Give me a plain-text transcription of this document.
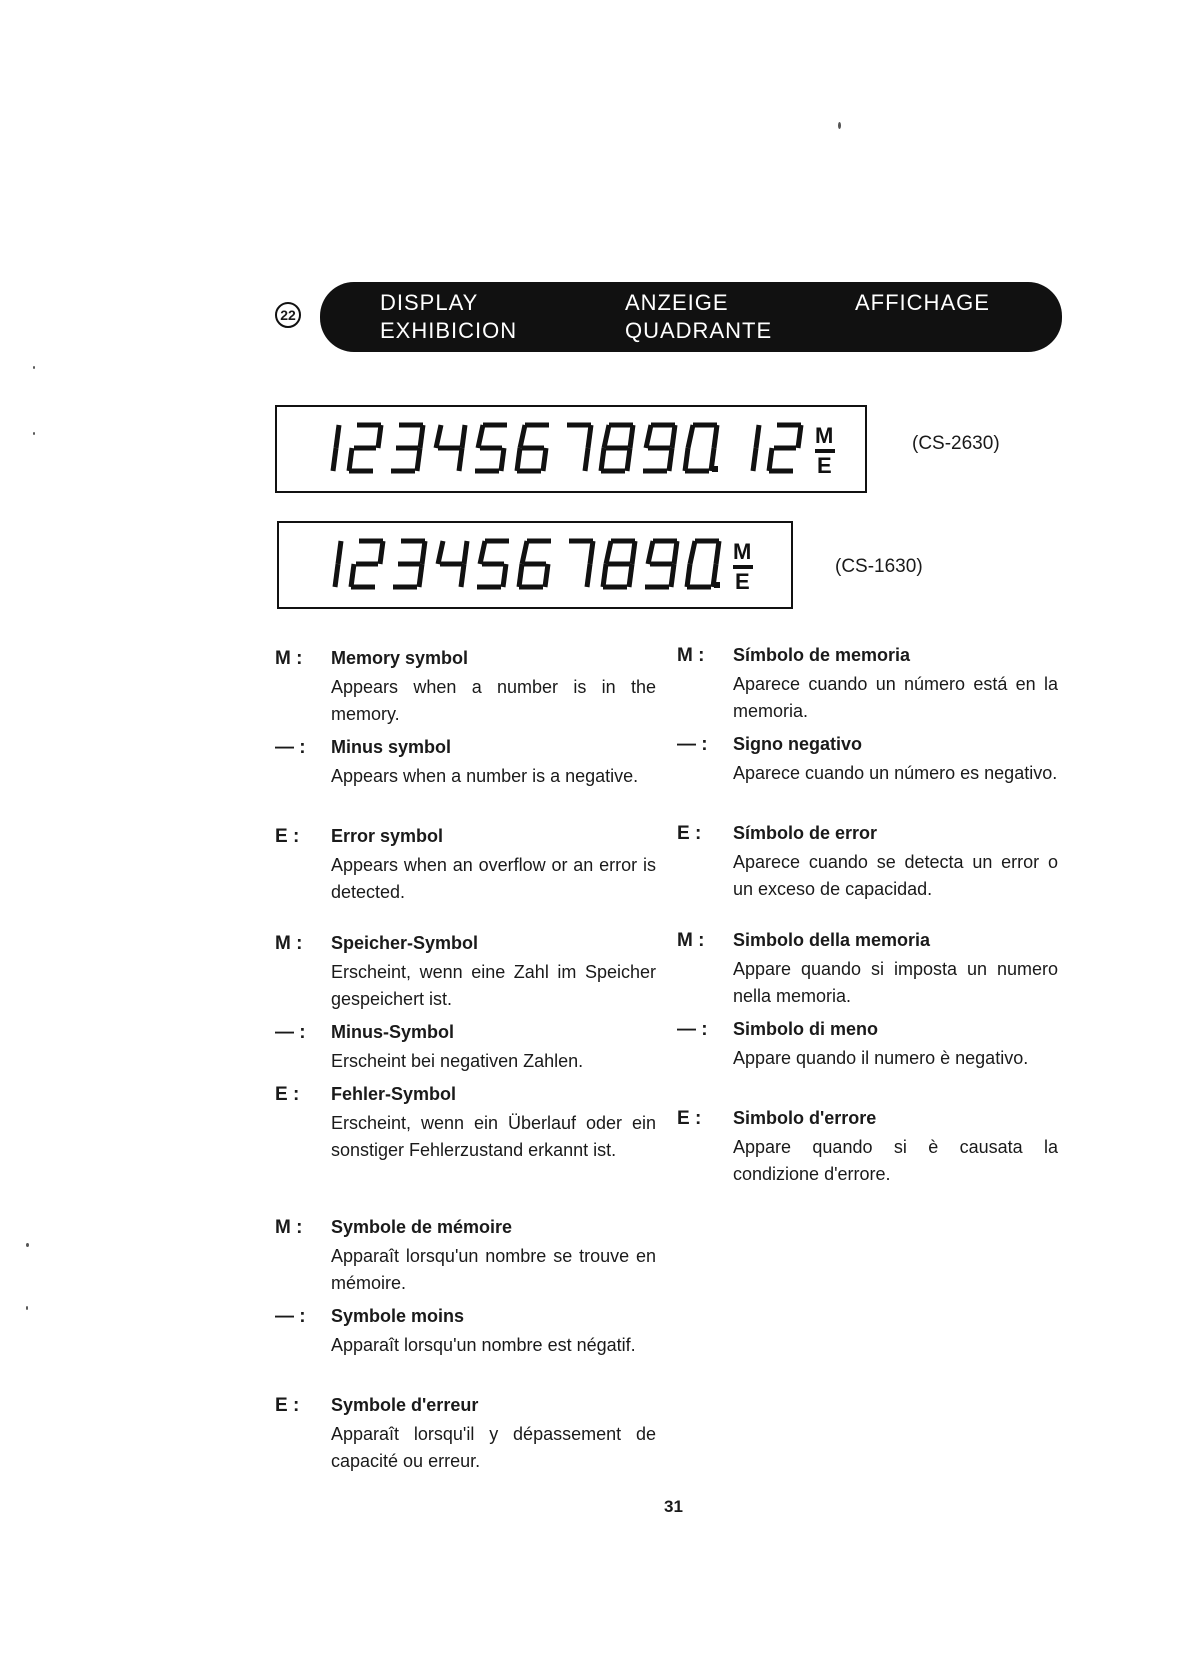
22	DISPLAY
EXHIBICION
ANZEIGE
QUADRANTE
AFFICHAGE
M
E
(CS-2630)
M
E
(CS-1630)
M : Memory symbol
Appears when a number is in the memory.
— : Minus symbol
Appears when a number is a negative.
E : Error symbol
Appears when an overflow or an error is detected.
M : Speicher-Symbol
Erscheint, wenn eine Zahl im Speicher gespeichert ist.
— : Minus-Symbol
Erscheint bei negativen Zahlen.
E : Fehler-Symbol
Erscheint, wenn ein Überlauf oder ein sonstiger Fehlerzustand erkannt ist.
M : Symbole de mémoire
Apparaît lorsqu'un nombre se trouve en mémoire.
— : Symbole moins
Apparaît lorsqu'un nombre est négatif.
E : Symbole d'erreur
Apparaît lorsqu'il y dépassement de capacité ou erreur.
M : Símbolo de memoria
Aparece cuando un número está en la memoria.
— : Signo negativo
Aparece cuando un número es negativo.
E : Símbolo de error
Aparece cuando se detecta un error o un exceso de capacidad.
M : Simbolo della memoria
Appare quando si imposta un numero nella memoria.
— : Simbolo di meno
Appare quando il numero è negativo.
E : Simbolo d'errore
Appare quando si è causata la condizione d'errore.
31
